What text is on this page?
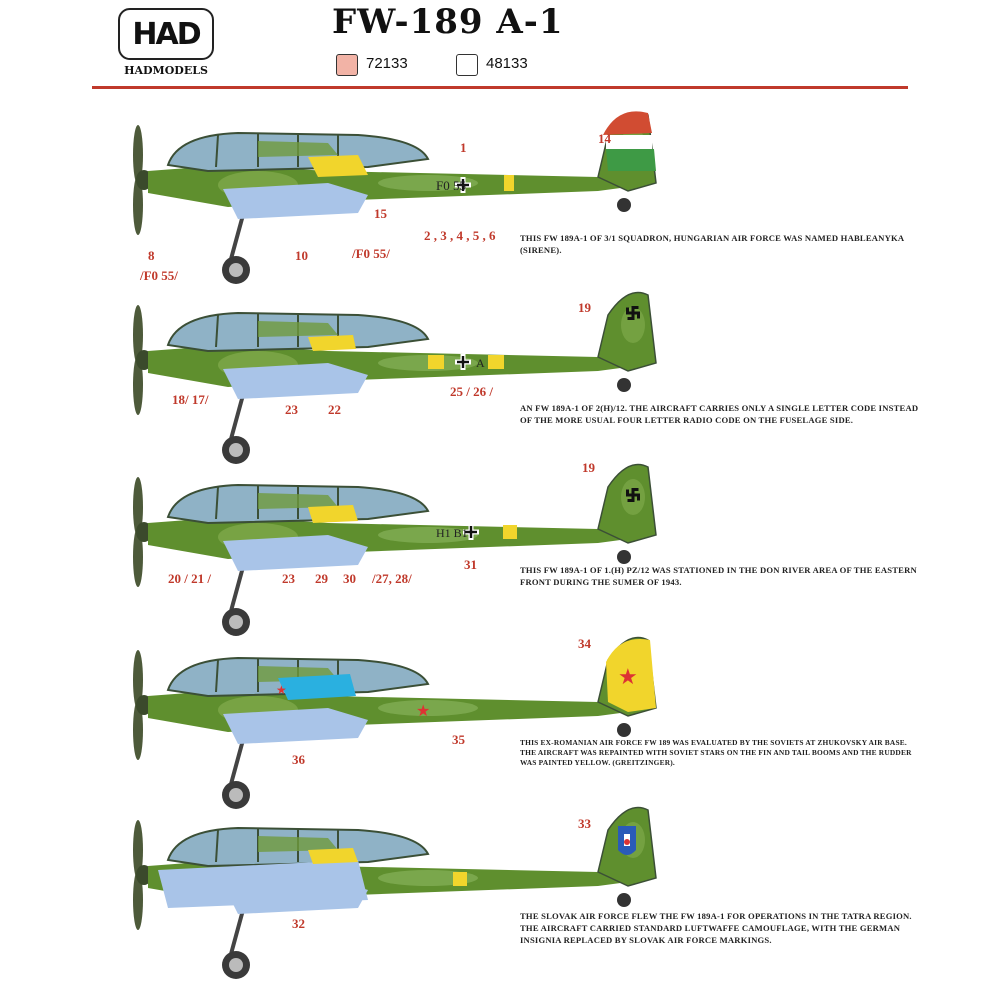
HAD
HADMODELS
FW-189 A-1
72133	48133
F0 55
14
1
2 , 3 , 4 , 5 , 6
15
/F0 55/
10
8
/F0 55/
A
19
25 / 26 /
18/ 17/
23 22
H1 B1
19
31
20 / 21 /	23 29 30 /27, 28/
★
★
★
34
35
36
33
32
THIS FW 189A-1 OF 3/1 SQUADRON, HUNGARIAN AIR FORCE WAS NAMED HABLEANYKA (SIRENE).
AN FW 189A-1 OF 2(H)/12. THE AIRCRAFT CARRIES ONLY A SINGLE LETTER CODE INSTEAD OF THE MORE USUAL FOUR LETTER RADIO CODE ON THE FUSELAGE SIDE.
THIS FW 189A-1 OF 1.(H) PZ/12 WAS STATIONED IN THE DON RIVER AREA OF THE EASTERN FRONT DURING THE SUMER OF 1943.
THIS EX-ROMANIAN AIR FORCE FW 189 WAS EVALUATED BY THE SOVIETS AT ZHUKOVSKY AIR BASE. THE AIRCRAFT WAS REPAINTED WITH SOVIET STARS ON THE FIN AND TAIL BOOMS AND THE RUDDER WAS PAINTED YELLOW. (GREITZINGER).
THE SLOVAK AIR FORCE FLEW THE FW 189A-1 FOR OPERATIONS IN THE TATRA REGION. THE AIRCRAFT CARRIED STANDARD LUFTWAFFE CAMOUFLAGE, WITH THE GERMAN INSIGNIA REPLACED BY SLOVAK AIR FORCE MARKINGS.
